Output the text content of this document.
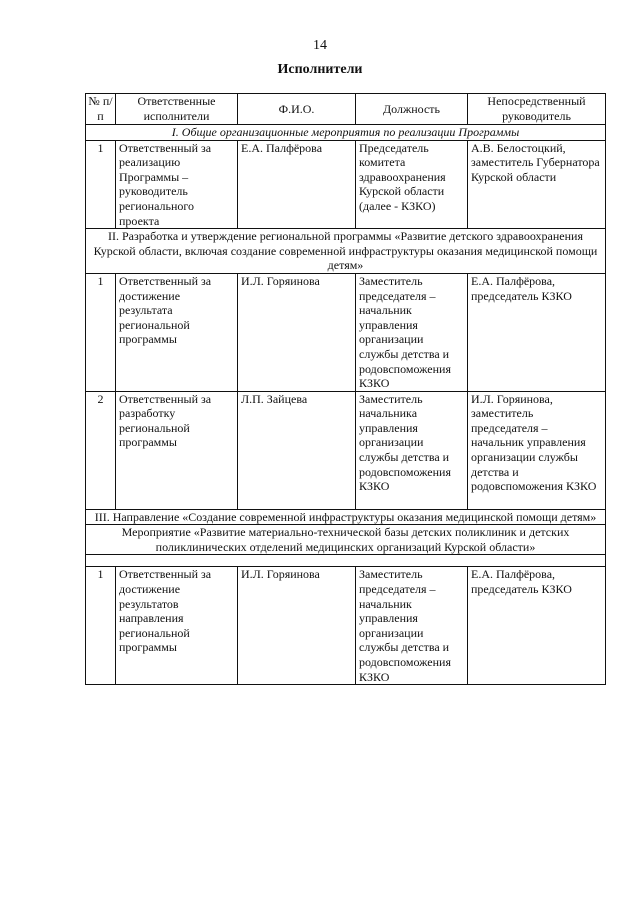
14
Исполнители
№ п/п	Ответственные исполнители	Ф.И.О.	Должность	Непосредственный руководитель
I. Общие организационные мероприятия по реализации Программы				
1	Ответственный за реализацию Программы – руководитель регионального проекта	Е.А. Палфёрова	Председатель комитета здравоохранения Курской области (далее - КЗКО)	А.В. Белостоцкий, заместитель Губернатора Курской области
II. Разработка и утверждение региональной программы «Развитие детского здравоохранения Курской области, включая создание современной инфраструктуры оказания медицинской помощи детям»				
1	Ответственный за достижение результата региональной программы	И.Л. Горяинова	Заместитель председателя – начальник управления организации службы детства и родовспоможения КЗКО	Е.А. Палфёрова, председатель КЗКО
2	Ответственный за разработку региональной программы	Л.П. Зайцева	Заместитель начальника управления организации службы детства и родовспоможения КЗКО	И.Л. Горяинова, заместитель председателя – начальник управления организации службы детства и родовспоможения КЗКО
III. Направление «Создание современной инфраструктуры оказания медицинской помощи детям»				
Мероприятие «Развитие материально-технической базы детских поликлиник и детских поликлинических отделений медицинских организаций Курской области»				

1	Ответственный за достижение результатов направления региональной программы	И.Л. Горяинова	Заместитель председателя – начальник управления организации службы детства и родовспоможения КЗКО	Е.А. Палфёрова, председатель КЗКО
